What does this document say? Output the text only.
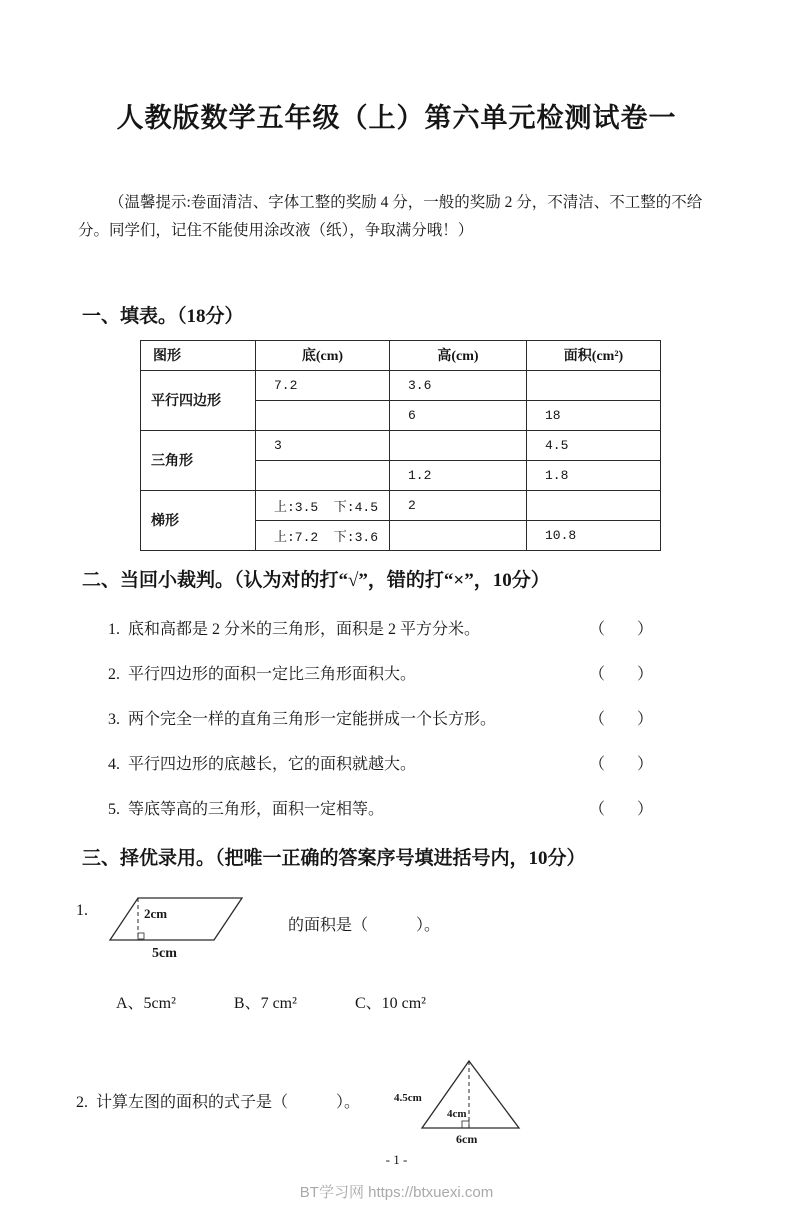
人教版数学五年级（上）第六单元检测试卷一

（温馨提示:卷面清洁、字体工整的奖励 4 分，一般的奖励 2 分，不清洁、不工整的不给分。同学们，记住不能使用涂改液（纸），争取满分哦！）

一、填表。（18分）
图形	底(cm)	高(cm)	面积(cm²)
平行四边形	7.2	3.6	
		6	18
三角形	3		4.5
		1.2	1.8
梯形	上:3.5  下:4.5	2	
	上:7.2  下:3.6		10.8
二、当回小裁判。（认为对的打“√”，错的打“×”，10分）
1.  底和高都是 2 分米的三角形，面积是 2 平方分米。	（        ）
2.  平行四边形的面积一定比三角形面积大。	（        ）
3.  两个完全一样的直角三角形一定能拼成一个长方形。	（        ）
4.  平行四边形的底越长，它的面积就越大。	（        ）
5.  等底等高的三角形，面积一定相等。	（        ）
三、择优录用。（把唯一正确的答案序号填进括号内，10分）
1.	2cm
5cm
的面积是（            ）。
A、5cm²	B、7 cm²	C、10 cm²
2.  计算左图的面积的式子是（            ）。	4.5cm
4cm
6cm
- 1 -
BT学习网 https://btxuexi.com
